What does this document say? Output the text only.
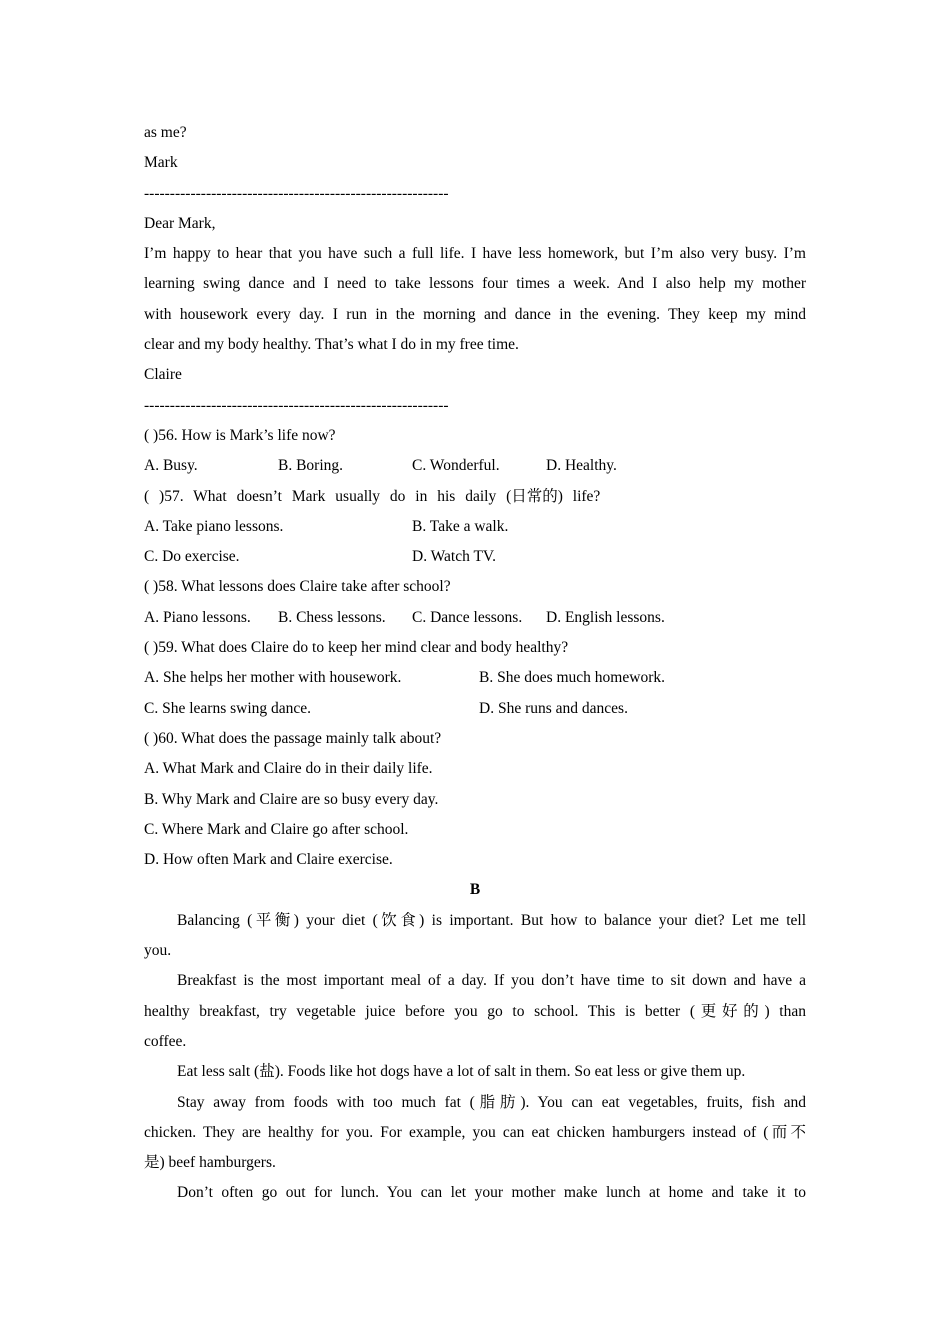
as me?
Mark
-----------------------------------------------------------
Dear Mark,
I’m happy to hear that you have such a full life. I have less homework, but I’m also very busy. I’m
learning swing dance and I need to take lessons four times a week. And I also help my mother
with housework every day. I run in the morning and dance in the evening. They keep my mind
clear and my body healthy. That’s what I do in my free time.
Claire
-----------------------------------------------------------
( )56. How is Mark’s life now?
A. Busy.	B. Boring.	C. Wonderful.	D. Healthy.
( )57. What doesn’t Mark usually do in his daily (日常的) life?
A. Take piano lessons.	B. Take a walk.
C. Do exercise.	D. Watch TV.
( )58. What lessons does Claire take after school?
A. Piano lessons.	B. Chess lessons.	C. Dance lessons.	D. English lessons.
( )59. What does Claire do to keep her mind clear and body healthy?
A. She helps her mother with housework.	B. She does much homework.
C. She learns swing dance.	D. She runs and dances.
( )60. What does the passage mainly talk about?
A. What Mark and Claire do in their daily life.
B. Why Mark and Claire are so busy every day.
C. Where Mark and Claire go after school.
D. How often Mark and Claire exercise.
B
Balancing (平衡) your diet (饮食) is important. But how to balance your diet? Let me tell
you.
Breakfast is the most important meal of a day. If you don’t have time to sit down and have a
healthy breakfast, try vegetable juice before you go to school. This is better (更好的) than
coffee.
Eat less salt (盐). Foods like hot dogs have a lot of salt in them. So eat less or give them up.
Stay away from foods with too much fat (脂肪). You can eat vegetables, fruits, fish and
chicken. They are healthy for you. For example, you can eat chicken hamburgers instead of (而不
是) beef hamburgers.
Don’t often go out for lunch. You can let your mother make lunch at home and take it to
